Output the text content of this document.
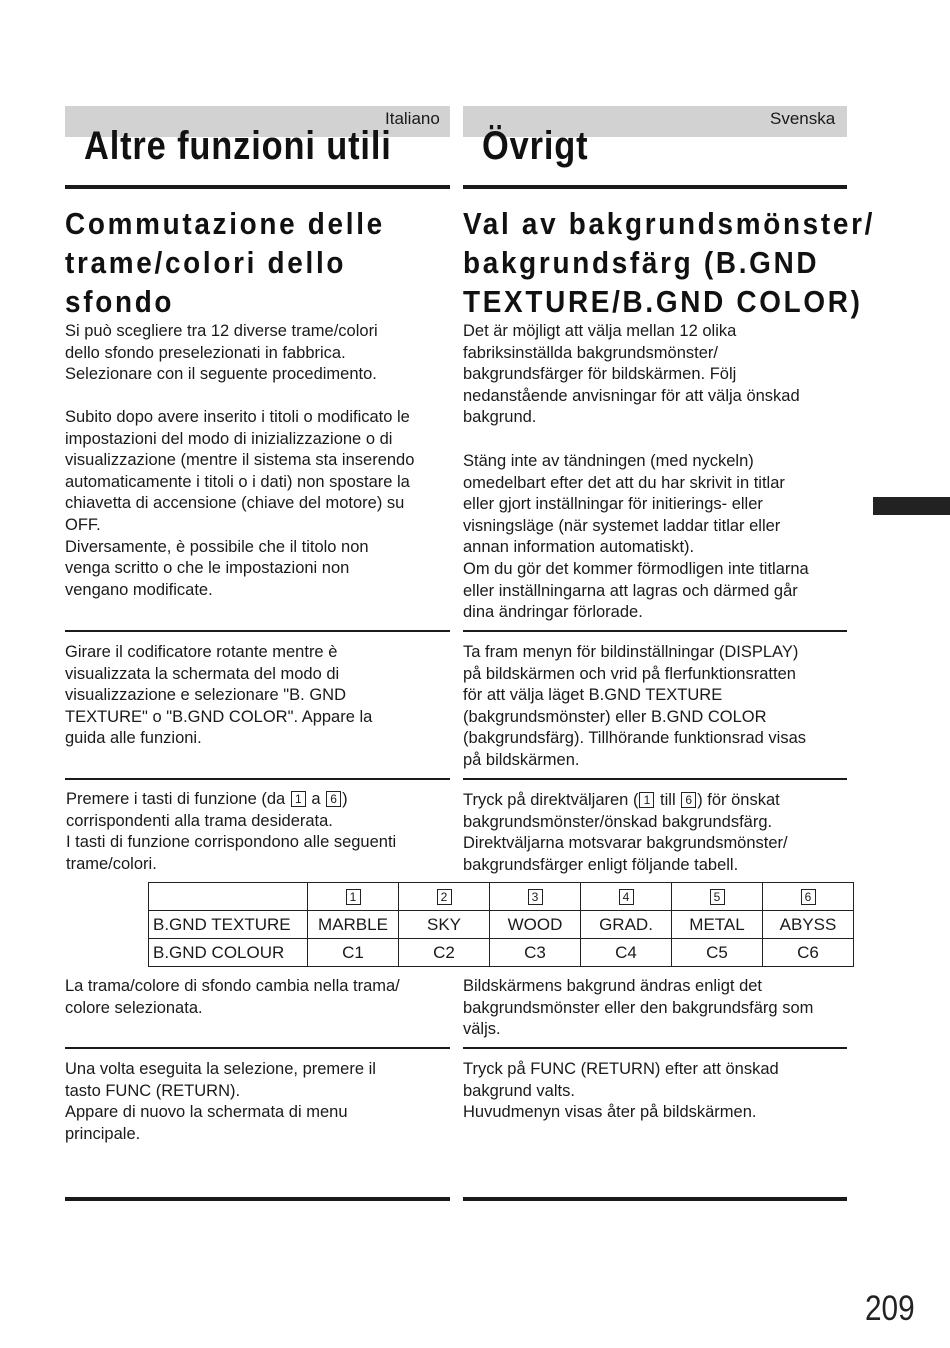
Italiano	Svenska
Altre funzioni utili Övrigt
Commutazione delle
trame/colori dello
sfondo
Val av bakgrundsmönster/
bakgrundsfärg (B.GND
TEXTURE/B.GND COLOR)
Si può scegliere tra 12 diverse trame/colori
dello sfondo preselezionati in fabbrica.
Selezionare con il seguente procedimento.
Det är möjligt att välja mellan 12 olika
fabriksinställda bakgrundsmönster/
bakgrundsfärger för bildskärmen. Följ
nedanstående anvisningar för att välja önskad
bakgrund.
Subito dopo avere inserito i titoli o modificato le
impostazioni del modo di inizializzazione o di
visualizzazione (mentre il sistema sta inserendo
automaticamente i titoli o i dati) non spostare la
chiavetta di accensione (chiave del motore) su
OFF.
Diversamente, è possibile che il titolo non
venga scritto o che le impostazioni non
vengano modificate.
Stäng inte av tändningen (med nyckeln)
omedelbart efter det att du har skrivit in titlar
eller gjort inställningar för initierings- eller
visningsläge (när systemet laddar titlar eller
annan information automatiskt).
Om du gör det kommer förmodligen inte titlarna
eller inställningarna att lagras och därmed går
dina ändringar förlorade.
Girare il codificatore rotante mentre è
visualizzata la schermata del modo di
visualizzazione e selezionare "B. GND
TEXTURE" o "B.GND COLOR". Appare la
guida alle funzioni.
Ta fram menyn för bildinställningar (DISPLAY)
på bildskärmen och vrid på flerfunktionsratten
för att välja läget B.GND TEXTURE
(bakgrundsmönster) eller B.GND COLOR
(bakgrundsfärg). Tillhörande funktionsrad visas
på bildskärmen.
Premere i tasti di funzione (da 1 a 6 )
corrispondenti alla trama desiderata.
I tasti di funzione corrispondono alle seguenti
trame/colori.
Tryck på direktväljaren ( 1 till 6 ) för önskat
bakgrundsmönster/önskad bakgrundsfärg.
Direktväljarna motsvarar bakgrundsmönster/
bakgrundsfärger enligt följande tabell.
	1	2	3	4	5	6
B.GND TEXTURE	MARBLE	SKY	WOOD	GRAD.	METAL	ABYSS
B.GND COLOUR	C1	C2	C3	C4	C5	C6
La trama/colore di sfondo cambia nella trama/
colore selezionata.
Bildskärmens bakgrund ändras enligt det
bakgrundsmönster eller den bakgrundsfärg som
väljs.
Una volta eseguita la selezione, premere il
tasto FUNC (RETURN).
Appare di nuovo la schermata di menu
principale.
Tryck på FUNC (RETURN) efter att önskad
bakgrund valts.
Huvudmenyn visas åter på bildskärmen.
209
